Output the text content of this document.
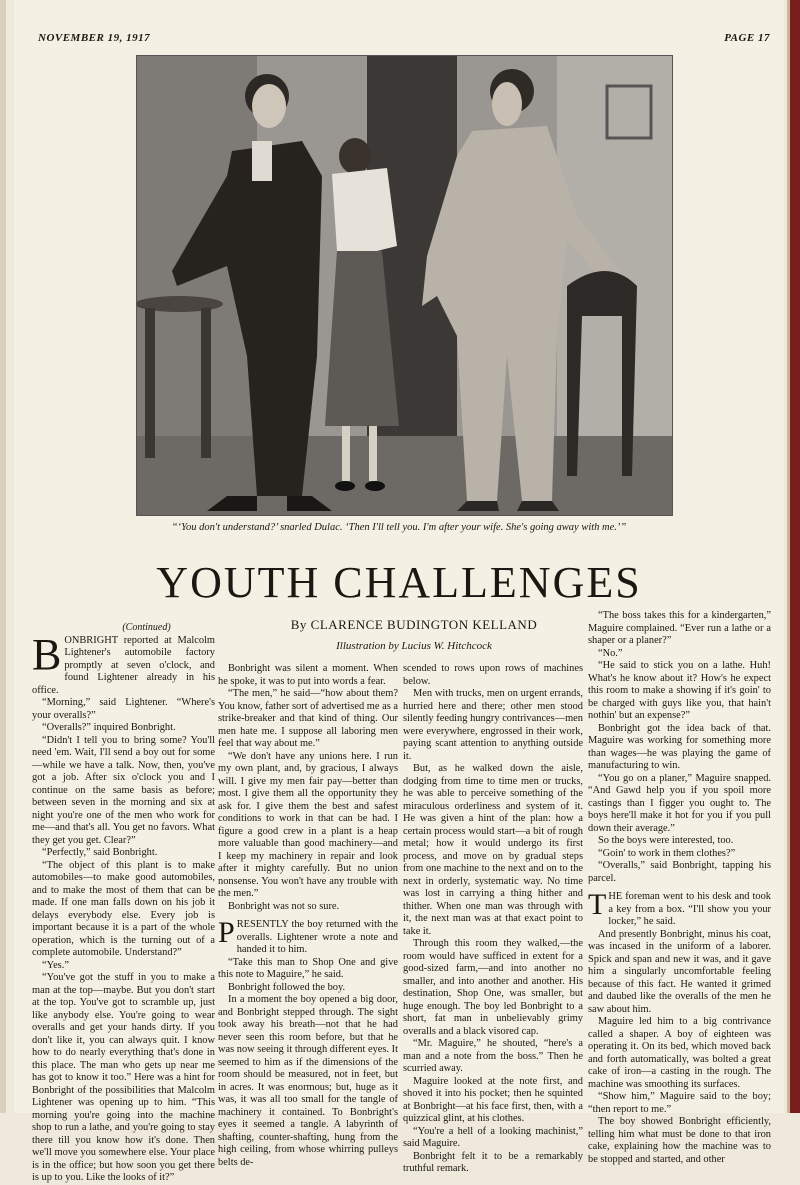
NOVEMBER 19, 1917	PAGE 17
“‘You don't understand?’ snarled Dulac. ‘Then I'll tell you. I'm after your wife. She's going away with me.’”
YOUTH CHALLENGES
By CLARENCE BUDINGTON KELLAND
Illustration by Lucius W. Hitchcock

(Continued)

BONBRIGHT reported at Malcolm Lightener's automobile factory promptly at seven o'clock, and found Lightener already in his office.

“Morning,” said Lightener. “Where's your overalls?”

“Overalls?” inquired Bonbright.

“Didn't I tell you to bring some? You'll need 'em. Wait, I'll send a boy out for some—while we have a talk. Now, then, you've got a job. After six o'clock you and I continue on the same basis as before; between seven in the morning and six at night you're one of the men who work for me—and that's all. You get no favors. What they get you get. Clear?”

“Perfectly,” said Bonbright.

“The object of this plant is to make automobiles—to make good automobiles, and to make the most of them that can be made. If one man falls down on his job it delays everybody else. Every job is important because it is a part of the whole operation, which is the turning out of a complete automobile. Understand?”

“Yes.”

“You've got the stuff in you to make a man at the top—maybe. But you don't start at the top. You've got to scramble up, just like anybody else. You're going to wear overalls and get your hands dirty. If you don't like it, you can always quit. I know how to do nearly everything that's done in this place. The man who gets up near me has got to know it too.” Here was a hint for Bonbright of the possibilities that Malcolm Lightener was opening up to him. “This morning you're going into the machine shop to run a lathe, and you're going to stay there till you know how it's done. Then we'll move you somewhere else. Your place is in the office; but how soon you get there is up to you. Like the looks of it?”

Bonbright was silent a moment. When he spoke, it was to put into words a fear.

“The men,” he said—“how about them? You know, father sort of advertised me as a strike-breaker and that kind of thing. Our men hate me. I suppose all laboring men feel that way about me.”

“We don't have any unions here. I run my own plant, and, by gracious, I always will. I give my men fair pay—better than most. I give them all the opportunity they ask for. I give them the best and safest conditions to work in that can be had. I figure a good crew in a plant is a heap more valuable than good machinery—and I keep my machinery in repair and look after it mighty carefully. But no union nonsense. You won't have any trouble with the men.”

Bonbright was not so sure.

PRESENTLY the boy returned with the overalls. Lightener wrote a note and handed it to him.

“Take this man to Shop One and give this note to Maguire,” he said.

Bonbright followed the boy.

In a moment the boy opened a big door, and Bonbright stepped through. The sight took away his breath—not that he had never seen this room before, but that he was now seeing it through different eyes. It seemed to him as if the dimensions of the room should be measured, not in feet, but in acres. It was enormous; but, huge as it was, it was all too small for the tangle of machinery it contained. To Bonbright's eyes it seemed a tangle. A labyrinth of shafting, counter-shafting, hung from the high ceiling, from whose whirring pulleys belts de-

scended to rows upon rows of machines below.

Men with trucks, men on urgent errands, hurried here and there; other men stood silently feeding hungry contrivances—men were everywhere, engrossed in their work, paying scant attention to anything outside it.

But, as he walked down the aisle, dodging from time to time men or trucks, he was able to perceive something of the miraculous orderliness and system of it. He was given a hint of the plan: how a certain process would start—a bit of rough metal; how it would undergo its first process, and move on by gradual steps from one machine to the next and on to the next in orderly, systematic way. No time was lost in carrying a thing hither and thither. When one man was through with it, the next man was at that exact point to take it.

Through this room they walked,—the room would have sufficed in extent for a good-sized farm,—and into another no smaller, and into another and another. His destination, Shop One, was smaller, but huge enough. The boy led Bonbright to a short, fat man in unbelievably grimy overalls and a black visored cap.

“Mr. Maguire,” he shouted, “here's a man and a note from the boss.” Then he scurried away.

Maguire looked at the note first, and shoved it into his pocket; then he squinted at Bonbright—at his face first, then, with a quizzical glint, at his clothes.

“You're a hell of a looking machinist,” said Maguire.

Bonbright felt it to be a remarkably truthful remark.

“The boss takes this for a kindergarten,” Maguire complained. “Ever run a lathe or a shaper or a planer?”

“No.”

“He said to stick you on a lathe. Huh! What's he know about it? How's he expect this room to make a showing if it's goin' to be charged with guys like you, that hain't nothin' but an expense?”

Bonbright got the idea back of that. Maguire was working for something more than wages—he was playing the game of manufacturing to win.

“You go on a planer,” Maguire snapped. “And Gawd help you if you spoil more castings than I figger you ought to. The boys here'll make it hot for you if you pull down their average.”

So the boys were interested, too.

“Goin' to work in them clothes?”

“Overalls,” said Bonbright, tapping his parcel.

THE foreman went to his desk and took a key from a box. “I'll show you your locker,” he said.

And presently Bonbright, minus his coat, was incased in the uniform of a laborer. Spick and span and new it was, and it gave him a singularly uncomfortable feeling because of this fact. He wanted it grimed and daubed like the overalls of the men he saw about him.

Maguire led him to a big contrivance called a shaper. A boy of eighteen was operating it. On its bed, which moved back and forth automatically, was bolted a great cake of iron—a casting in the rough. The machine was smoothing its surfaces.

“Show him,” Maguire said to the boy; “then report to me.”

The boy showed Bonbright efficiently, telling him what must be done to that iron cake, explaining how the machine was to be stopped and started, and other
